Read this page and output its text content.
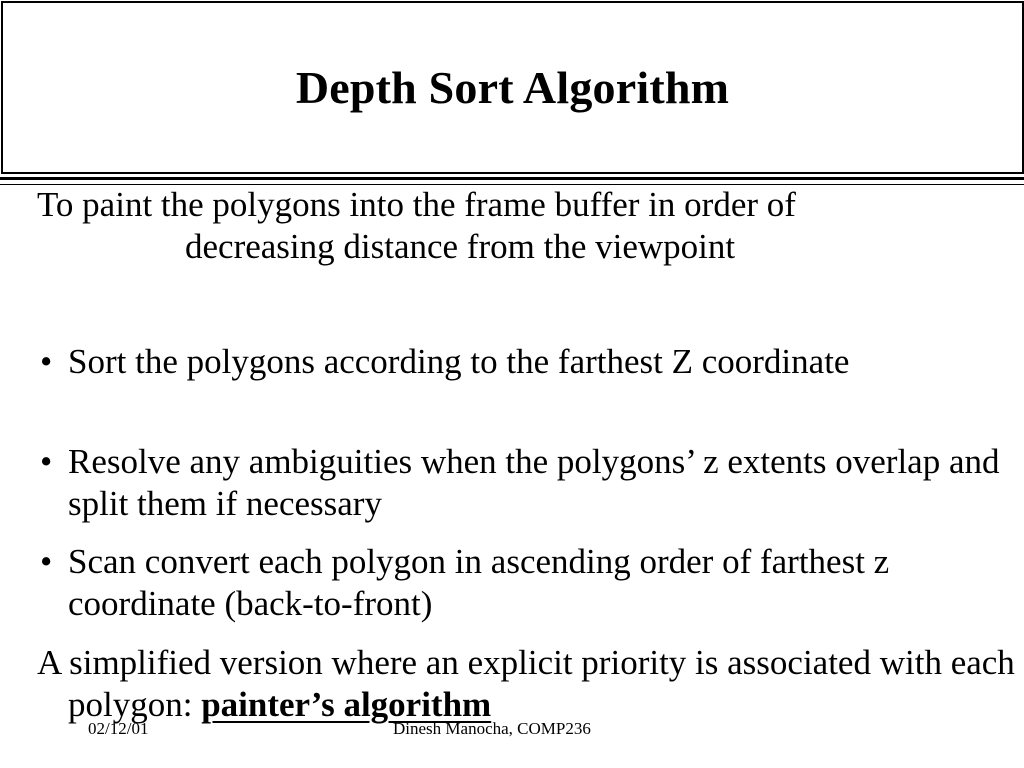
Depth Sort Algorithm

To paint the polygons into the frame buffer in order of
decreasing distance from the viewpoint

• Sort the polygons according to the farthest Z coordinate

• Resolve any ambiguities when the polygons’ z extents overlap and split them if necessary

• Scan convert each polygon in ascending order of farthest z coordinate (back-to-front)

A simplified version where an explicit priority is associated with each polygon: painter’s algorithm

02/12/01	Dinesh Manocha, COMP236
